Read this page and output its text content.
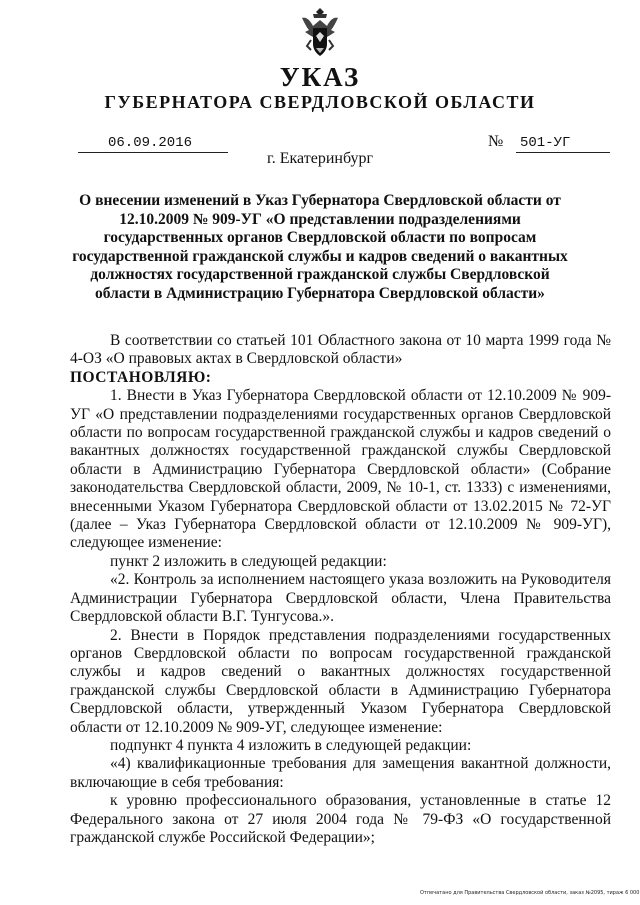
УКАЗ
ГУБЕРНАТОРА СВЕРДЛОВСКОЙ ОБЛАСТИ
06.09.2016	№ 501-УГ
г. Екатеринбург
О внесении изменений в Указ Губернатора Свердловской области от 12.10.2009 № 909-УГ «О представлении подразделениями государственных органов Свердловской области по вопросам государственной гражданской службы и кадров сведений о вакантных должностях государственной гражданской службы Свердловской области в Администрацию Губернатора Свердловской области»

В соответствии со статьей 101 Областного закона от 10 марта 1999 года № 4-ОЗ «О правовых актах в Свердловской области»

ПОСТАНОВЛЯЮ:

1. Внести в Указ Губернатора Свердловской области от 12.10.2009 № 909-УГ «О представлении подразделениями государственных органов Свердловской области по вопросам государственной гражданской службы и кадров сведений о вакантных должностях государственной гражданской службы Свердловской области в Администрацию Губернатора Свердловской области» (Собрание законодательства Свердловской области, 2009, № 10-1, ст. 1333) с изменениями, внесенными Указом Губернатора Свердловской области от 13.02.2015 № 72-УГ (далее – Указ Губернатора Свердловской области от 12.10.2009 № 909-УГ), следующее изменение:

пункт 2 изложить в следующей редакции:

«2. Контроль за исполнением настоящего указа возложить на Руководителя Администрации Губернатора Свердловской области, Члена Правительства Свердловской области В.Г. Тунгусова.».

2. Внести в Порядок представления подразделениями государственных органов Свердловской области по вопросам государственной гражданской службы и кадров сведений о вакантных должностях государственной гражданской службы Свердловской области в Администрацию Губернатора Свердловской области, утвержденный Указом Губернатора Свердловской области от 12.10.2009 № 909-УГ, следующее изменение:

подпункт 4 пункта 4 изложить в следующей редакции:

«4) квалификационные требования для замещения вакантной должности, включающие в себя требования:

к уровню профессионального образования, установленные в статье 12 Федерального закона от 27 июля 2004 года № 79-ФЗ «О государственной гражданской службе Российской Федерации»;

Отпечатано для Правительства Свердловской области, заказ №2095, тираж 6 000
